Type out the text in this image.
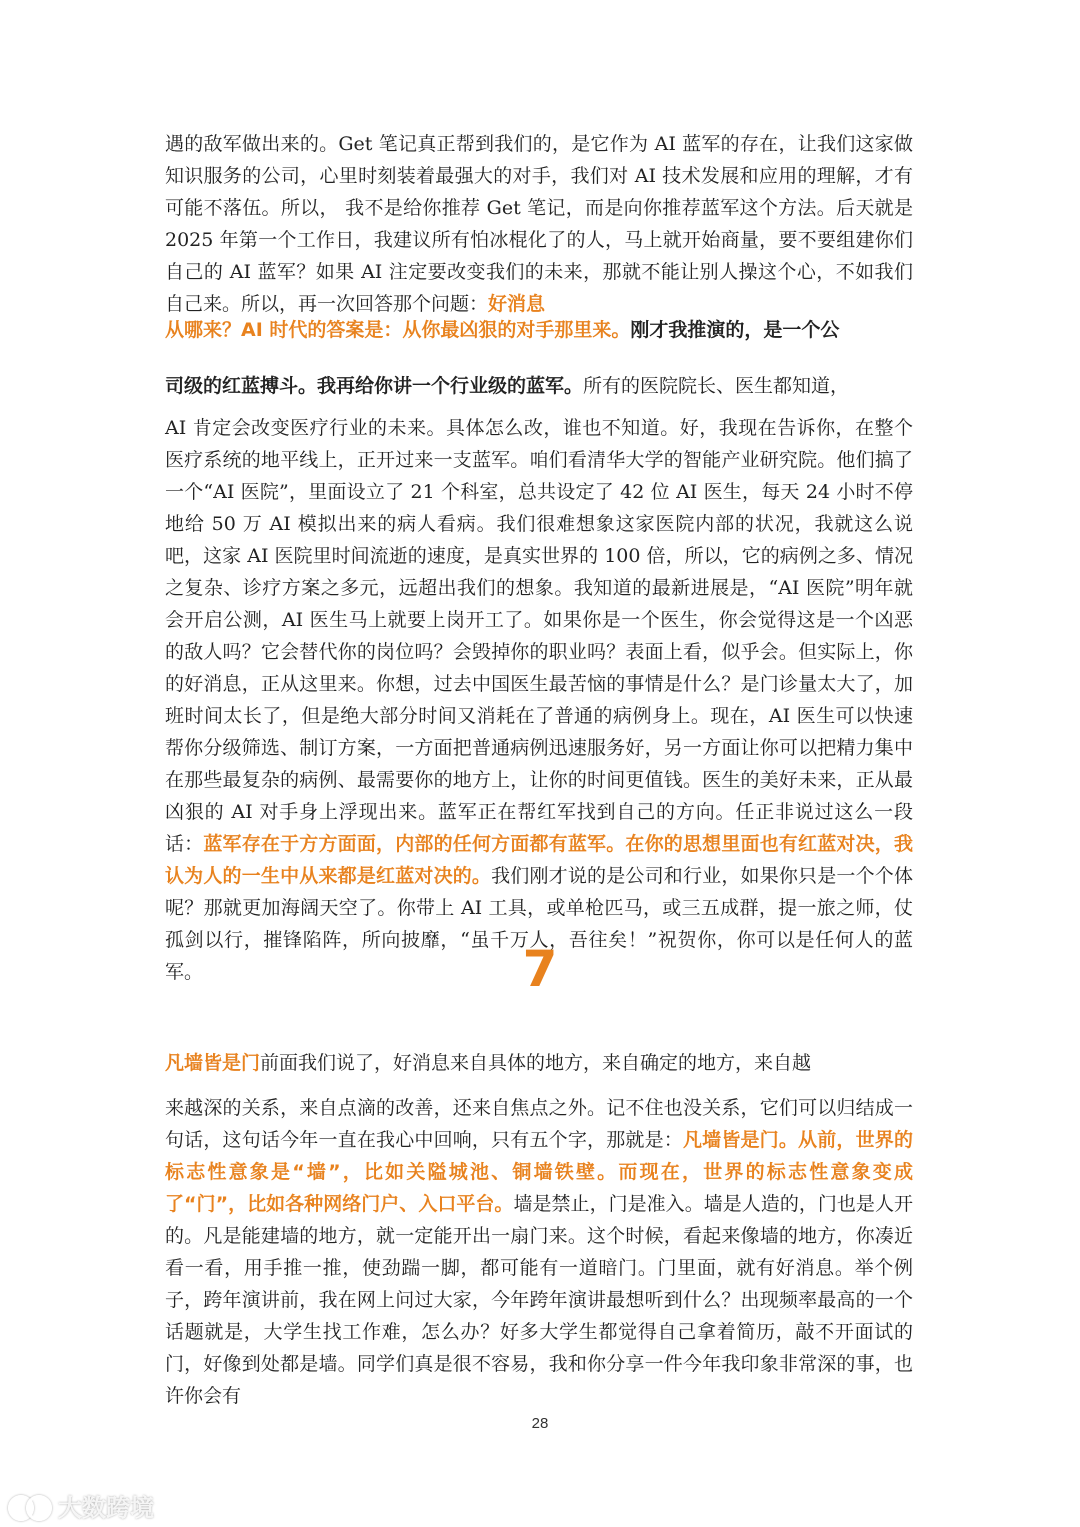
遇的敌军做出来的。Get 笔记真正帮到我们的，是它作为 AI 蓝军的存在，让我们这家做知识服务的公司，心里时刻装着最强大的对手，我们对 AI 技术发展和应用的理解，才有可能不落伍。所以， 我不是给你推荐 Get 笔记，而是向你推荐蓝军这个方法。后天就是 2025 年第一个工作日，我建议所有怕冰棍化了的人，马上就开始商量，要不要组建你们自己的 AI 蓝军？如果 AI 注定要改变我们的未来，那就不能让别人操这个心，不如我们自己来。所以，再一次回答那个问题：好消息
从哪来？AI 时代的答案是：从你最凶狠的对手那里来。刚才我推演的，是一个公
司级的红蓝搏斗。我再给你讲一个行业级的蓝军。所有的医院院长、医生都知道，
AI 肯定会改变医疗行业的未来。具体怎么改，谁也不知道。好，我现在告诉你，在整个医疗系统的地平线上，正开过来一支蓝军。咱们看清华大学的智能产业研究院。他们搞了一个“AI 医院”，里面设立了 21 个科室，总共设定了 42 位 AI 医生，每天 24 小时不停地给 50 万 AI 模拟出来的病人看病。我们很难想象这家医院内部的状况，我就这么说吧，这家 AI 医院里时间流逝的速度，是真实世界的 100 倍，所以，它的病例之多、情况之复杂、诊疗方案之多元，远超出我们的想象。我知道的最新进展是，“AI 医院”明年就会开启公测，AI 医生马上就要上岗开工了。如果你是一个医生，你会觉得这是一个凶恶的敌人吗？它会替代你的岗位吗？会毁掉你的职业吗？表面上看，似乎会。但实际上，你的好消息，正从这里来。你想，过去中国医生最苦恼的事情是什么？是门诊量太大了，加班时间太长了，但是绝大部分时间又消耗在了普通的病例身上。现在，AI 医生可以快速帮你分级筛选、制订方案，一方面把普通病例迅速服务好，另一方面让你可以把精力集中在那些最复杂的病例、最需要你的地方上，让你的时间更值钱。医生的美好未来，正从最凶狠的 AI 对手身上浮现出来。蓝军正在帮红军找到自己的方向。任正非说过这么一段话：蓝军存在于方方面面，内部的任何方面都有蓝军。在你的思想里面也有红蓝对决，我认为人的一生中从来都是红蓝对决的。我们刚才说的是公司和行业，如果你只是一个个体呢？那就更加海阔天空了。你带上 AI 工具，或单枪匹马，或三五成群，提一旅之师，仗孤剑以行，摧锋陷阵，所向披靡，“虽千万人，吾往矣！”祝贺你，你可以是任何人的蓝军。	7
凡墙皆是门前面我们说了，好消息来自具体的地方，来自确定的地方，来自越
来越深的关系，来自点滴的改善，还来自焦点之外。记不住也没关系，它们可以归结成一句话，这句话今年一直在我心中回响，只有五个字，那就是：凡墙皆是门。从前，世界的标志性意象是“墙”，比如关隘城池、铜墙铁壁。而现在，世界的标志性意象变成了“门”，比如各种网络门户、入口平台。墙是禁止，门是准入。墙是人造的，门也是人开的。凡是能建墙的地方，就一定能开出一扇门来。这个时候，看起来像墙的地方，你凑近看一看，用手推一推，使劲踹一脚，都可能有一道暗门。门里面，就有好消息。举个例子，跨年演讲前，我在网上问过大家，今年跨年演讲最想听到什么？出现频率最高的一个话题就是，大学生找工作难，怎么办？好多大学生都觉得自己拿着简历，敲不开面试的门，好像到处都是墙。同学们真是很不容易，我和你分享一件今年我印象非常深的事，也许你会有
28
大数跨境
